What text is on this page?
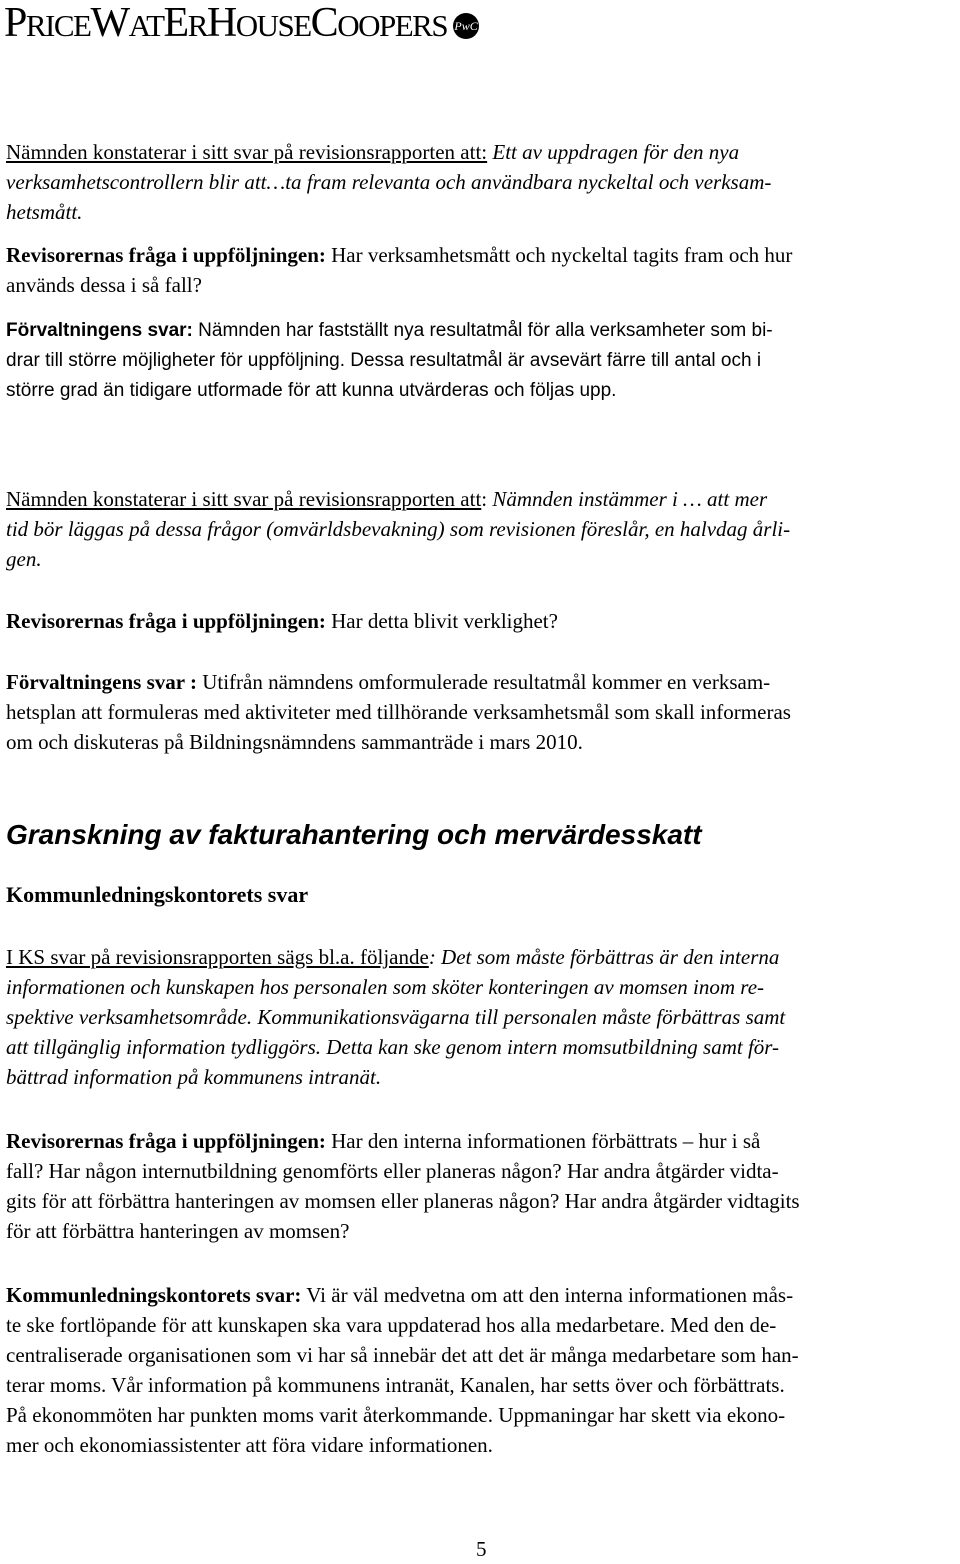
PRICEWATERHOUSECOOPERS PwC
Nämnden konstaterar i sitt svar på revisionsrapporten att: Ett av uppdragen för den nya
verksamhetscontrollern blir att…ta fram relevanta och användbara nyckeltal och verksam-
hetsmått.
Revisorernas fråga i uppföljningen: Har verksamhetsmått och nyckeltal tagits fram och hur
används dessa i så fall?
Förvaltningens svar: Nämnden har fastställt nya resultatmål för alla verksamheter som bi-
drar till större möjligheter för uppföljning. Dessa resultatmål är avsevärt färre till antal och i
större grad än tidigare utformade för att kunna utvärderas och följas upp.
Nämnden konstaterar i sitt svar på revisionsrapporten att: Nämnden instämmer i … att mer
tid bör läggas på dessa frågor (omvärldsbevakning) som revisionen föreslår, en halvdag årli-
gen.
Revisorernas fråga i uppföljningen: Har detta blivit verklighet?
Förvaltningens svar : Utifrån nämndens omformulerade resultatmål kommer en verksam-
hetsplan att formuleras med aktiviteter med tillhörande verksamhetsmål som skall informeras
om och diskuteras på Bildningsnämndens sammanträde i mars 2010.
Granskning av fakturahantering och mervärdesskatt
Kommunledningskontorets svar
I KS svar på revisionsrapporten sägs bl.a. följande: Det som måste förbättras är den interna
informationen och kunskapen hos personalen som sköter konteringen av momsen inom re-
spektive verksamhetsområde. Kommunikationsvägarna till personalen måste förbättras samt
att tillgänglig information tydliggörs. Detta kan ske genom intern momsutbildning samt för-
bättrad information på kommunens intranät.
Revisorernas fråga i uppföljningen: Har den interna informationen förbättrats – hur i så
fall? Har någon internutbildning genomförts eller planeras någon? Har andra åtgärder vidta-
gits för att förbättra hanteringen av momsen eller planeras någon? Har andra åtgärder vidtagits
för att förbättra hanteringen av momsen?
Kommunledningskontorets svar: Vi är väl medvetna om att den interna informationen mås-
te ske fortlöpande för att kunskapen ska vara uppdaterad hos alla medarbetare. Med den de-
centraliserade organisationen som vi har så innebär det att det är många medarbetare som han-
terar moms. Vår information på kommunens intranät, Kanalen, har setts över och förbättrats.
På ekonommöten har punkten moms varit återkommande. Uppmaningar har skett via ekono-
mer och ekonomiassistenter att föra vidare informationen.
5
